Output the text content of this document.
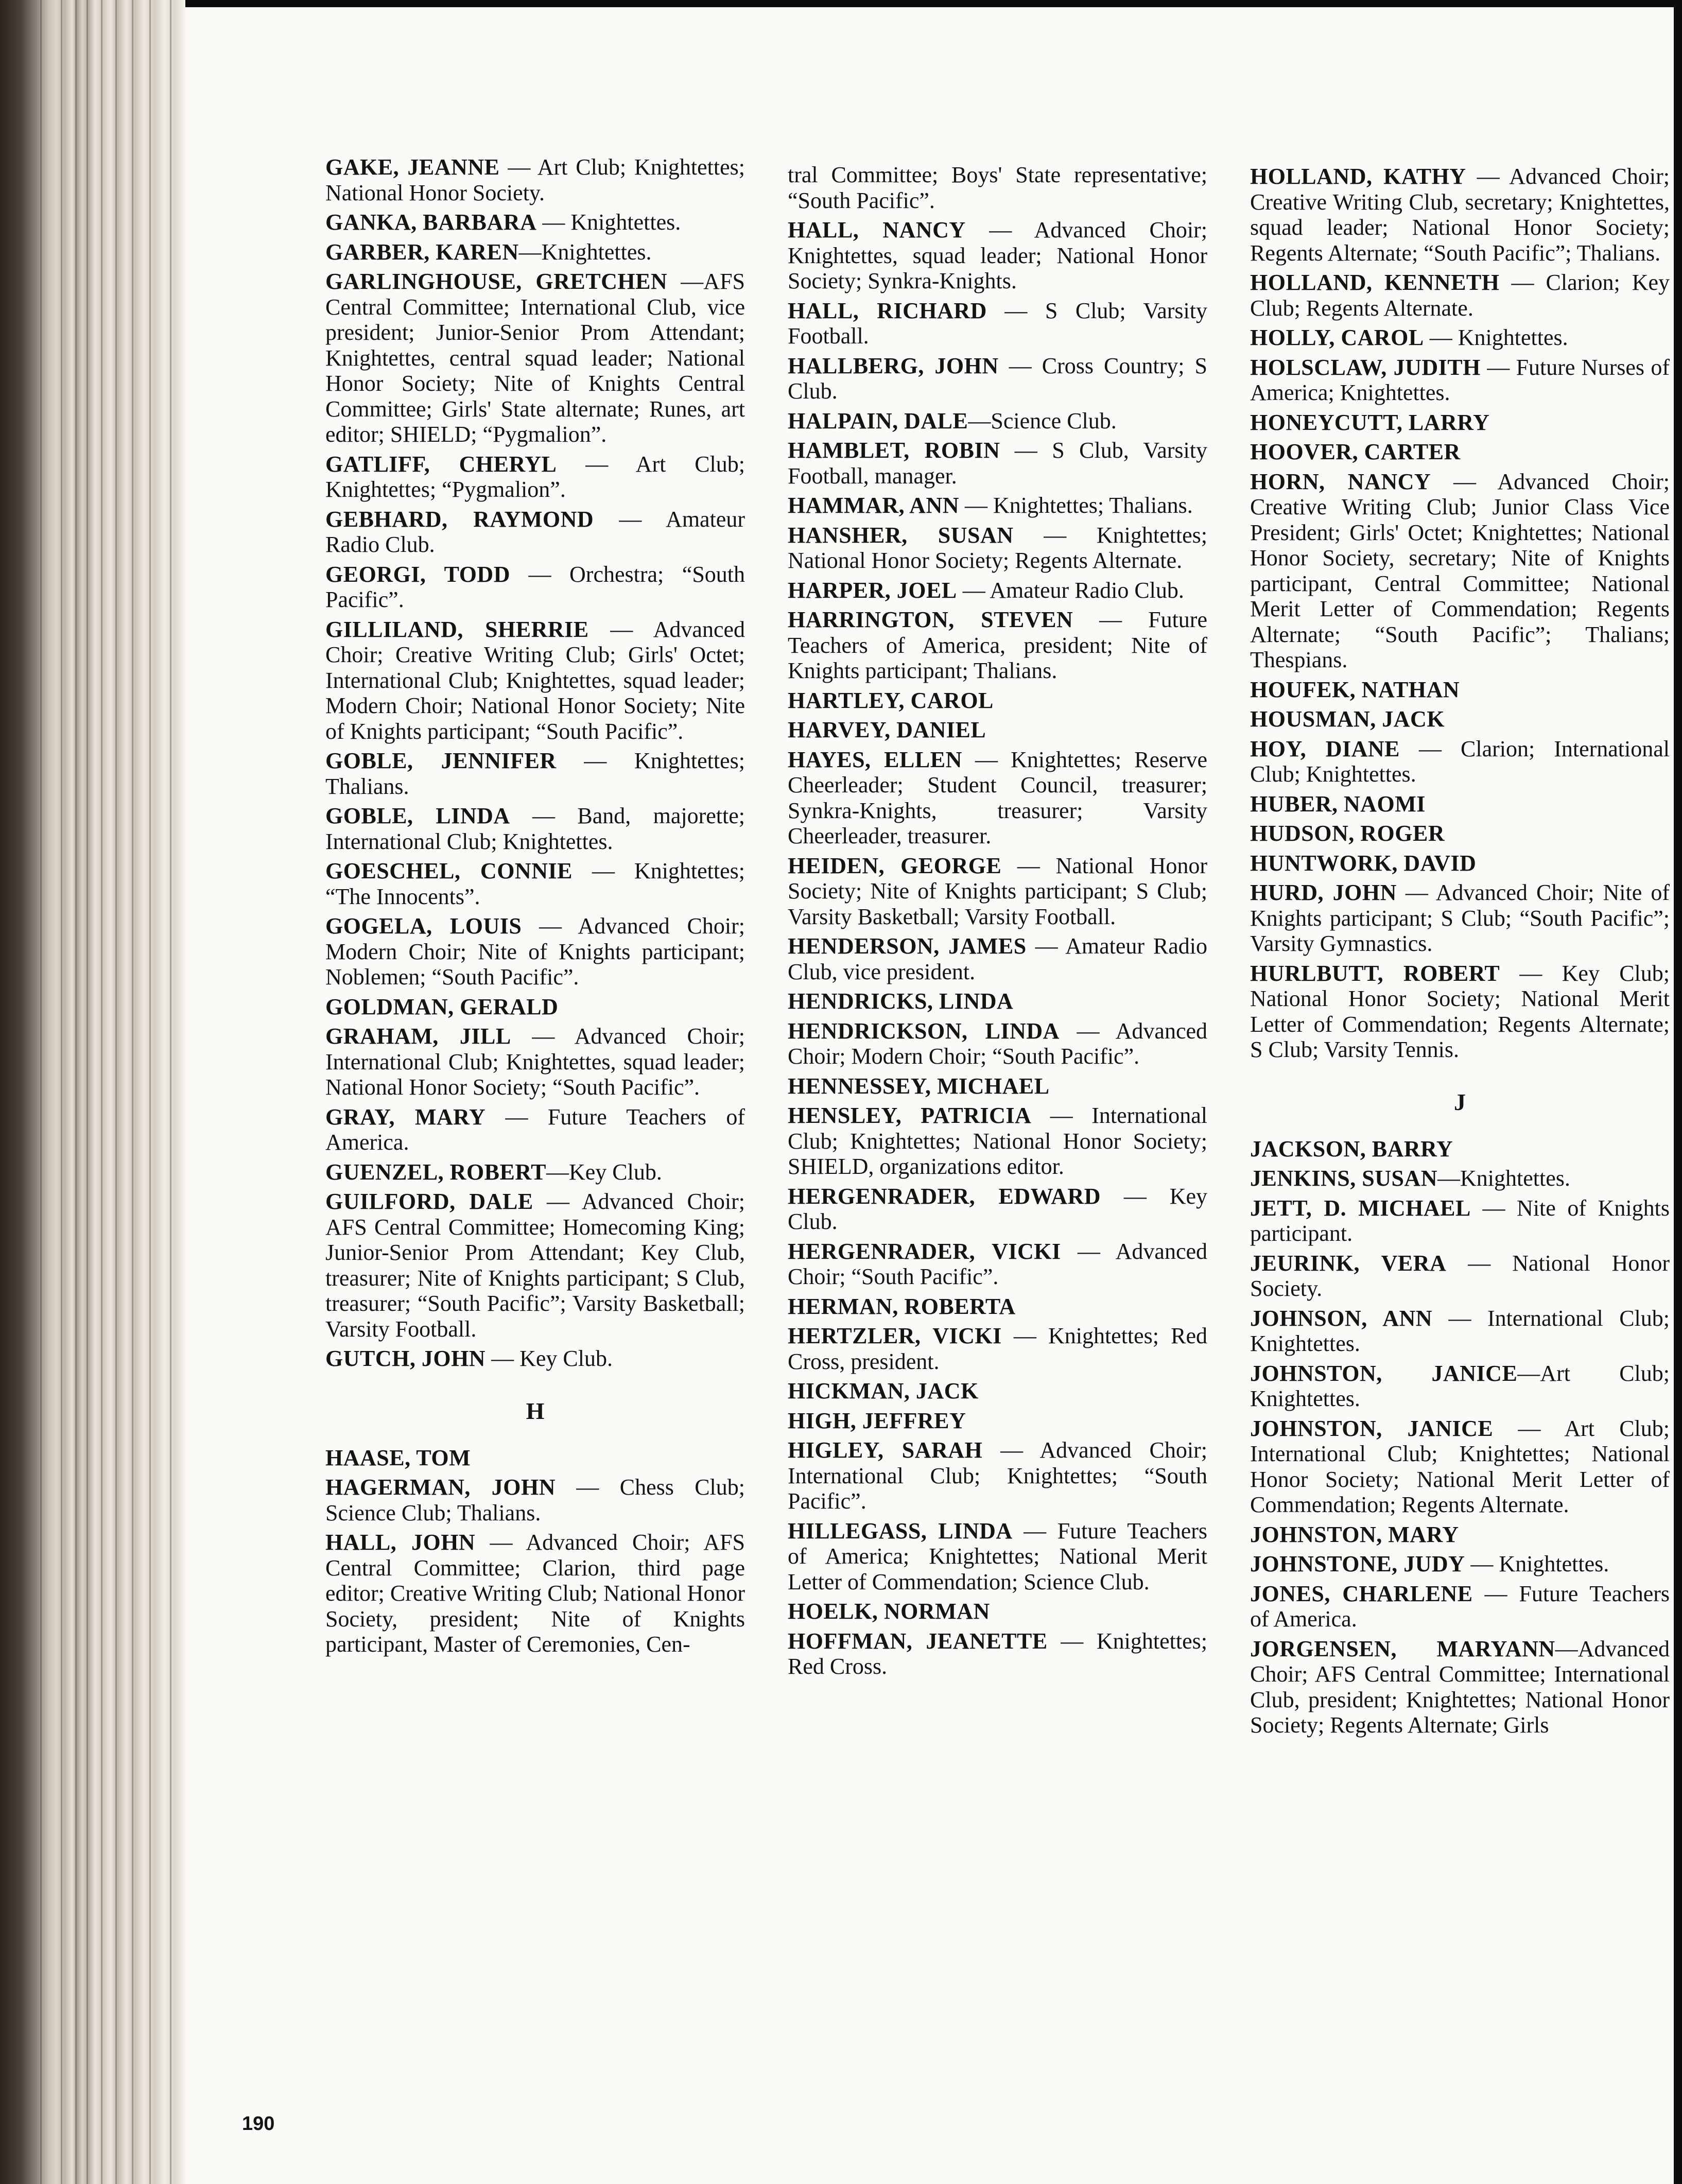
GAKE, JEANNE — Art Club; Knightettes; National Honor Society.
GANKA, BARBARA — Knightettes.
GARBER, KAREN—Knightettes.
GARLINGHOUSE, GRETCHEN —AFS Central Committee; International Club, vice president; Junior-Senior Prom Attendant; Knightettes, central squad leader; National Honor Society; Nite of Knights Central Committee; Girls' State alternate; Runes, art editor; SHIELD; “Pygmalion”.
GATLIFF, CHERYL — Art Club; Knightettes; “Pygmalion”.
GEBHARD, RAYMOND — Amateur Radio Club.
GEORGI, TODD — Orchestra; “South Pacific”.
GILLILAND, SHERRIE — Advanced Choir; Creative Writing Club; Girls' Octet; International Club; Knightettes, squad leader; Modern Choir; National Honor Society; Nite of Knights participant; “South Pacific”.
GOBLE, JENNIFER — Knightettes; Thalians.
GOBLE, LINDA — Band, majorette; International Club; Knightettes.
GOESCHEL, CONNIE — Knightettes; “The Innocents”.
GOGELA, LOUIS — Advanced Choir; Modern Choir; Nite of Knights participant; Noblemen; “South Pacific”.
GOLDMAN, GERALD
GRAHAM, JILL — Advanced Choir; International Club; Knightettes, squad leader; National Honor Society; “South Pacific”.
GRAY, MARY — Future Teachers of America.
GUENZEL, ROBERT—Key Club.
GUILFORD, DALE — Advanced Choir; AFS Central Committee; Homecoming King; Junior-Senior Prom Attendant; Key Club, treasurer; Nite of Knights participant; S Club, treasurer; “South Pacific”; Varsity Basketball; Varsity Football.
GUTCH, JOHN — Key Club.
H
HAASE, TOM
HAGERMAN, JOHN — Chess Club; Science Club; Thalians.
HALL, JOHN — Advanced Choir; AFS Central Committee; Clarion, third page editor; Creative Writing Club; National Honor Society, president; Nite of Knights participant, Master of Ceremonies, Cen-
tral Committee; Boys' State representative; “South Pacific”.
HALL, NANCY — Advanced Choir; Knightettes, squad leader; National Honor Society; Synkra-Knights.
HALL, RICHARD — S Club; Varsity Football.
HALLBERG, JOHN — Cross Country; S Club.
HALPAIN, DALE—Science Club.
HAMBLET, ROBIN — S Club, Varsity Football, manager.
HAMMAR, ANN — Knightettes; Thalians.
HANSHER, SUSAN — Knightettes; National Honor Society; Regents Alternate.
HARPER, JOEL — Amateur Radio Club.
HARRINGTON, STEVEN — Future Teachers of America, president; Nite of Knights participant; Thalians.
HARTLEY, CAROL
HARVEY, DANIEL
HAYES, ELLEN — Knightettes; Reserve Cheerleader; Student Council, treasurer; Synkra-Knights, treasurer; Varsity Cheerleader, treasurer.
HEIDEN, GEORGE — National Honor Society; Nite of Knights participant; S Club; Varsity Basketball; Varsity Football.
HENDERSON, JAMES — Amateur Radio Club, vice president.
HENDRICKS, LINDA
HENDRICKSON, LINDA — Advanced Choir; Modern Choir; “South Pacific”.
HENNESSEY, MICHAEL
HENSLEY, PATRICIA — International Club; Knightettes; National Honor Society; SHIELD, organizations editor.
HERGENRADER, EDWARD — Key Club.
HERGENRADER, VICKI — Advanced Choir; “South Pacific”.
HERMAN, ROBERTA
HERTZLER, VICKI — Knightettes; Red Cross, president.
HICKMAN, JACK
HIGH, JEFFREY
HIGLEY, SARAH — Advanced Choir; International Club; Knightettes; “South Pacific”.
HILLEGASS, LINDA — Future Teachers of America; Knightettes; National Merit Letter of Commendation; Science Club.
HOELK, NORMAN
HOFFMAN, JEANETTE — Knightettes; Red Cross.
HOLLAND, KATHY — Advanced Choir; Creative Writing Club, secretary; Knightettes, squad leader; National Honor Society; Regents Alternate; “South Pacific”; Thalians.
HOLLAND, KENNETH — Clarion; Key Club; Regents Alternate.
HOLLY, CAROL — Knightettes.
HOLSCLAW, JUDITH — Future Nurses of America; Knightettes.
HONEYCUTT, LARRY
HOOVER, CARTER
HORN, NANCY — Advanced Choir; Creative Writing Club; Junior Class Vice President; Girls' Octet; Knightettes; National Honor Society, secretary; Nite of Knights participant, Central Committee; National Merit Letter of Commendation; Regents Alternate; “South Pacific”; Thalians; Thespians.
HOUFEK, NATHAN
HOUSMAN, JACK
HOY, DIANE — Clarion; International Club; Knightettes.
HUBER, NAOMI
HUDSON, ROGER
HUNTWORK, DAVID
HURD, JOHN — Advanced Choir; Nite of Knights participant; S Club; “South Pacific”; Varsity Gymnastics.
HURLBUTT, ROBERT — Key Club; National Honor Society; National Merit Letter of Commendation; Regents Alternate; S Club; Varsity Tennis.
J
JACKSON, BARRY
JENKINS, SUSAN—Knightettes.
JETT, D. MICHAEL — Nite of Knights participant.
JEURINK, VERA — National Honor Society.
JOHNSON, ANN — International Club; Knightettes.
JOHNSTON, JANICE—Art Club; Knightettes.
JOHNSTON, JANICE — Art Club; International Club; Knightettes; National Honor Society; National Merit Letter of Commendation; Regents Alternate.
JOHNSTON, MARY
JOHNSTONE, JUDY — Knightettes.
JONES, CHARLENE — Future Teachers of America.
JORGENSEN, MARYANN—Advanced Choir; AFS Central Committee; International Club, president; Knightettes; National Honor Society; Regents Alternate; Girls
190
